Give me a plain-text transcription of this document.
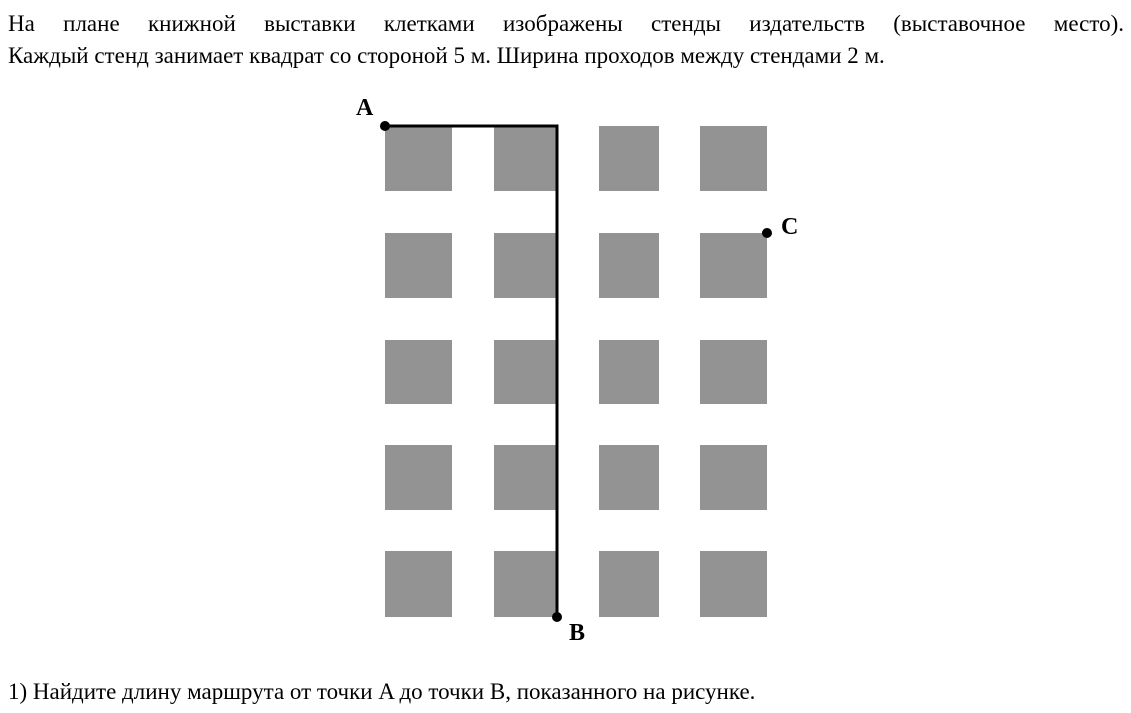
На плане книжной выставки клетками изображены стенды издательств (выставочное место).
Каждый стенд занимает квадрат со стороной 5 м. Ширина проходов между стендами 2 м.
A
B
C

1) Найдите длину маршрута от точки A до точки B, показанного на рисунке.
